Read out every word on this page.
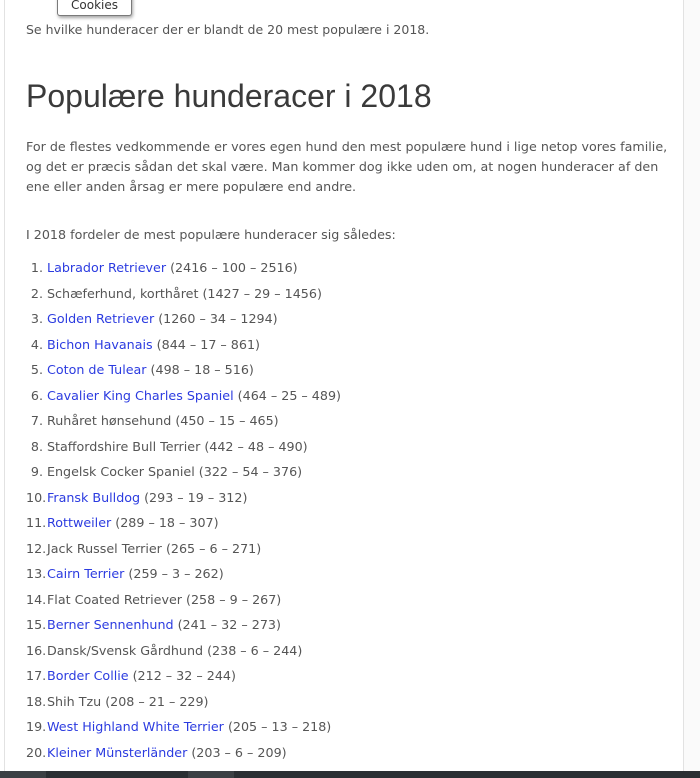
Cookies

Se hvilke hunderacer der er blandt de 20 mest populære i 2018.

Populære hunderacer i 2018

For de flestes vedkommende er vores egen hund den mest populære hund i lige netop vores familie, og det er præcis sådan det skal være. Man kommer dog ikke uden om, at nogen hunderacer af den ene eller anden årsag er mere populære end andre.

I 2018 fordeler de mest populære hunderacer sig således:

1. Labrador Retriever (2416 – 100 – 2516)
2. Schæferhund, korthåret (1427 – 29 – 1456)
3. Golden Retriever (1260 – 34 – 1294)
4. Bichon Havanais (844 – 17 – 861)
5. Coton de Tulear (498 – 18 – 516)
6. Cavalier King Charles Spaniel (464 – 25 – 489)
7. Ruhåret hønsehund (450 – 15 – 465)
8. Staffordshire Bull Terrier (442 – 48 – 490)
9. Engelsk Cocker Spaniel (322 – 54 – 376)
10. Fransk Bulldog (293 – 19 – 312)
11. Rottweiler (289 – 18 – 307)
12. Jack Russel Terrier (265 – 6 – 271)
13. Cairn Terrier (259 – 3 – 262)
14. Flat Coated Retriever (258 – 9 – 267)
15. Berner Sennenhund (241 – 32 – 273)
16. Dansk/Svensk Gårdhund (238 – 6 – 244)
17. Border Collie (212 – 32 – 244)
18. Shih Tzu (208 – 21 – 229)
19. West Highland White Terrier (205 – 13 – 218)
20. Kleiner Münsterländer (203 – 6 – 209)
